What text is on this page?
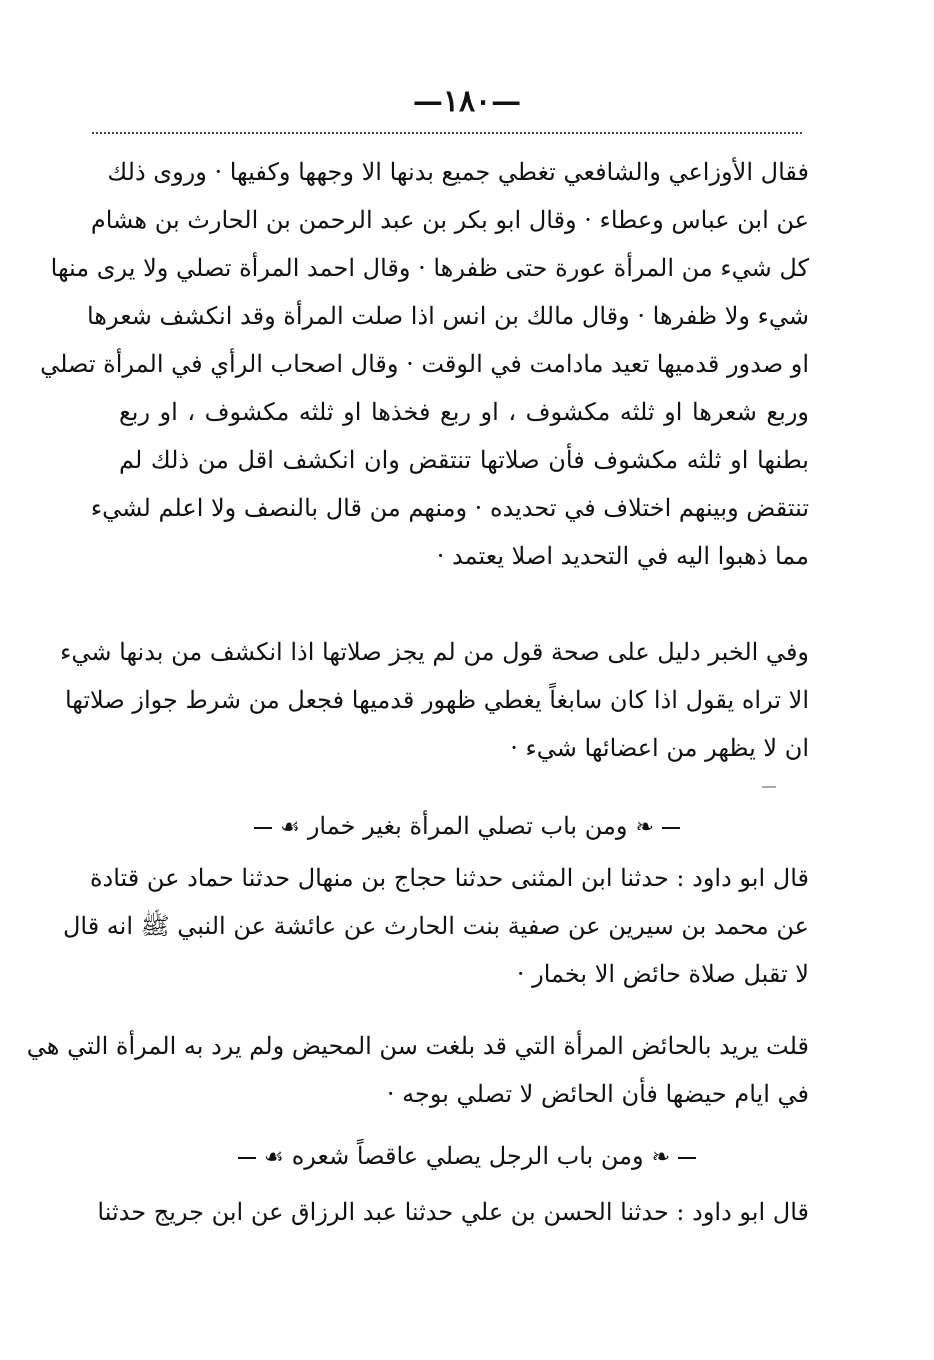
—١٨٠—
فقال الأوزاعي والشافعي تغطي جميع بدنها الا وجهها وكفيها · وروى ذلك
عن ابن عباس وعطاء · وقال ابو بكر بن عبد الرحمن بن الحارث بن هشام
كل شيء من المرأة عورة حتى ظفرها · وقال احمد المرأة تصلي ولا يرى منها
شيء ولا ظفرها · وقال مالك بن انس اذا صلت المرأة وقد انكشف شعرها
او صدور قدميها تعيد مادامت في الوقت · وقال اصحاب الرأي في المرأة تصلي
وربع شعرها او ثلثه مكشوف ، او ربع فخذها او ثلثه مكشوف ، او ربع
بطنها او ثلثه مكشوف فأن صلاتها تنتقض وان انكشف اقل من ذلك لم
تنتقض وبينهم اختلاف في تحديده · ومنهم من قال بالنصف ولا اعلم لشيء
مما ذهبوا اليه في التحديد اصلا يعتمد ·
وفي الخبر دليل على صحة قول من لم يجز صلاتها اذا انكشف من بدنها شيء
الا تراه يقول اذا كان سابغاً يغطي ظهور قدميها فجعل من شرط جواز صلاتها
ان لا يظهر من اعضائها شيء ·
❧ومن باب تصلي المرأة بغير خمار☙
قال ابو داود : حدثنا ابن المثنى حدثنا حجاج بن منهال حدثنا حماد عن قتادة
عن محمد بن سيرين عن صفية بنت الحارث عن عائشة عن النبي ﷺ انه قال
لا تقبل صلاة حائض الا بخمار ·
قلت يريد بالحائض المرأة التي قد بلغت سن المحيض ولم يرد به المرأة التي هي
في ايام حيضها فأن الحائض لا تصلي بوجه ·
❧ومن باب الرجل يصلي عاقصاً شعره☙
قال ابو داود : حدثنا الحسن بن علي حدثنا عبد الرزاق عن ابن جريج حدثنا
